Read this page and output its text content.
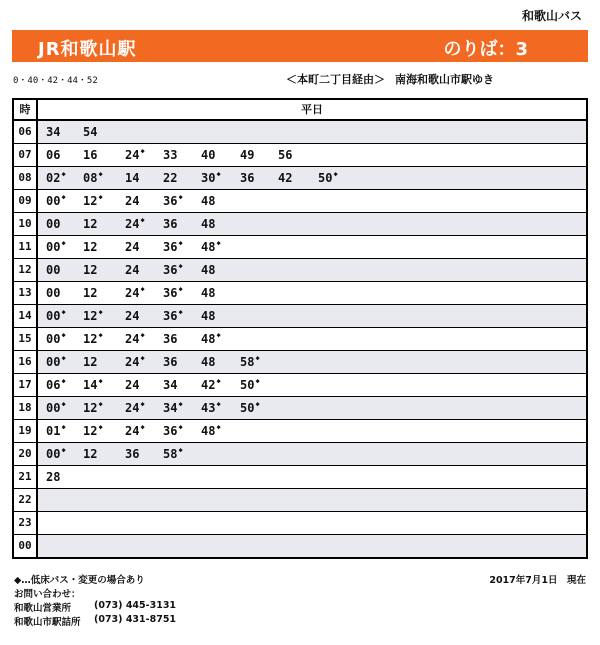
和歌山バス
JR和歌山駅	のりば：3
0・40・42・44・52	＜本町二丁目経由＞ 南海和歌山市駅ゆき
時	平日
06	34 54
07	06 16 24◆ 33 40 49 56
08	02◆ 08◆ 14 22 30◆ 36 42 50◆
09	00◆ 12◆ 24 36◆ 48
10	00 12 24◆ 36 48
11	00◆ 12 24 36◆ 48◆
12	00 12 24 36◆ 48
13	00 12 24◆ 36◆ 48
14	00◆ 12◆ 24 36◆ 48
15	00◆ 12◆ 24◆ 36 48◆
16	00◆ 12 24◆ 36 48 58◆
17	06◆ 14◆ 24 34 42◆ 50◆
18	00◆ 12◆ 24◆ 34◆ 43◆ 50◆
19	01◆ 12◆ 24◆ 36◆ 48◆
20	00◆ 12 36 58◆
21	28
22
23
00
◆…低床バス・変更の場合あり	2017年7月1日　現在
お問い合わせ：
和歌山営業所 (073) 445-3131
和歌山市駅詰所 (073) 431-8751
